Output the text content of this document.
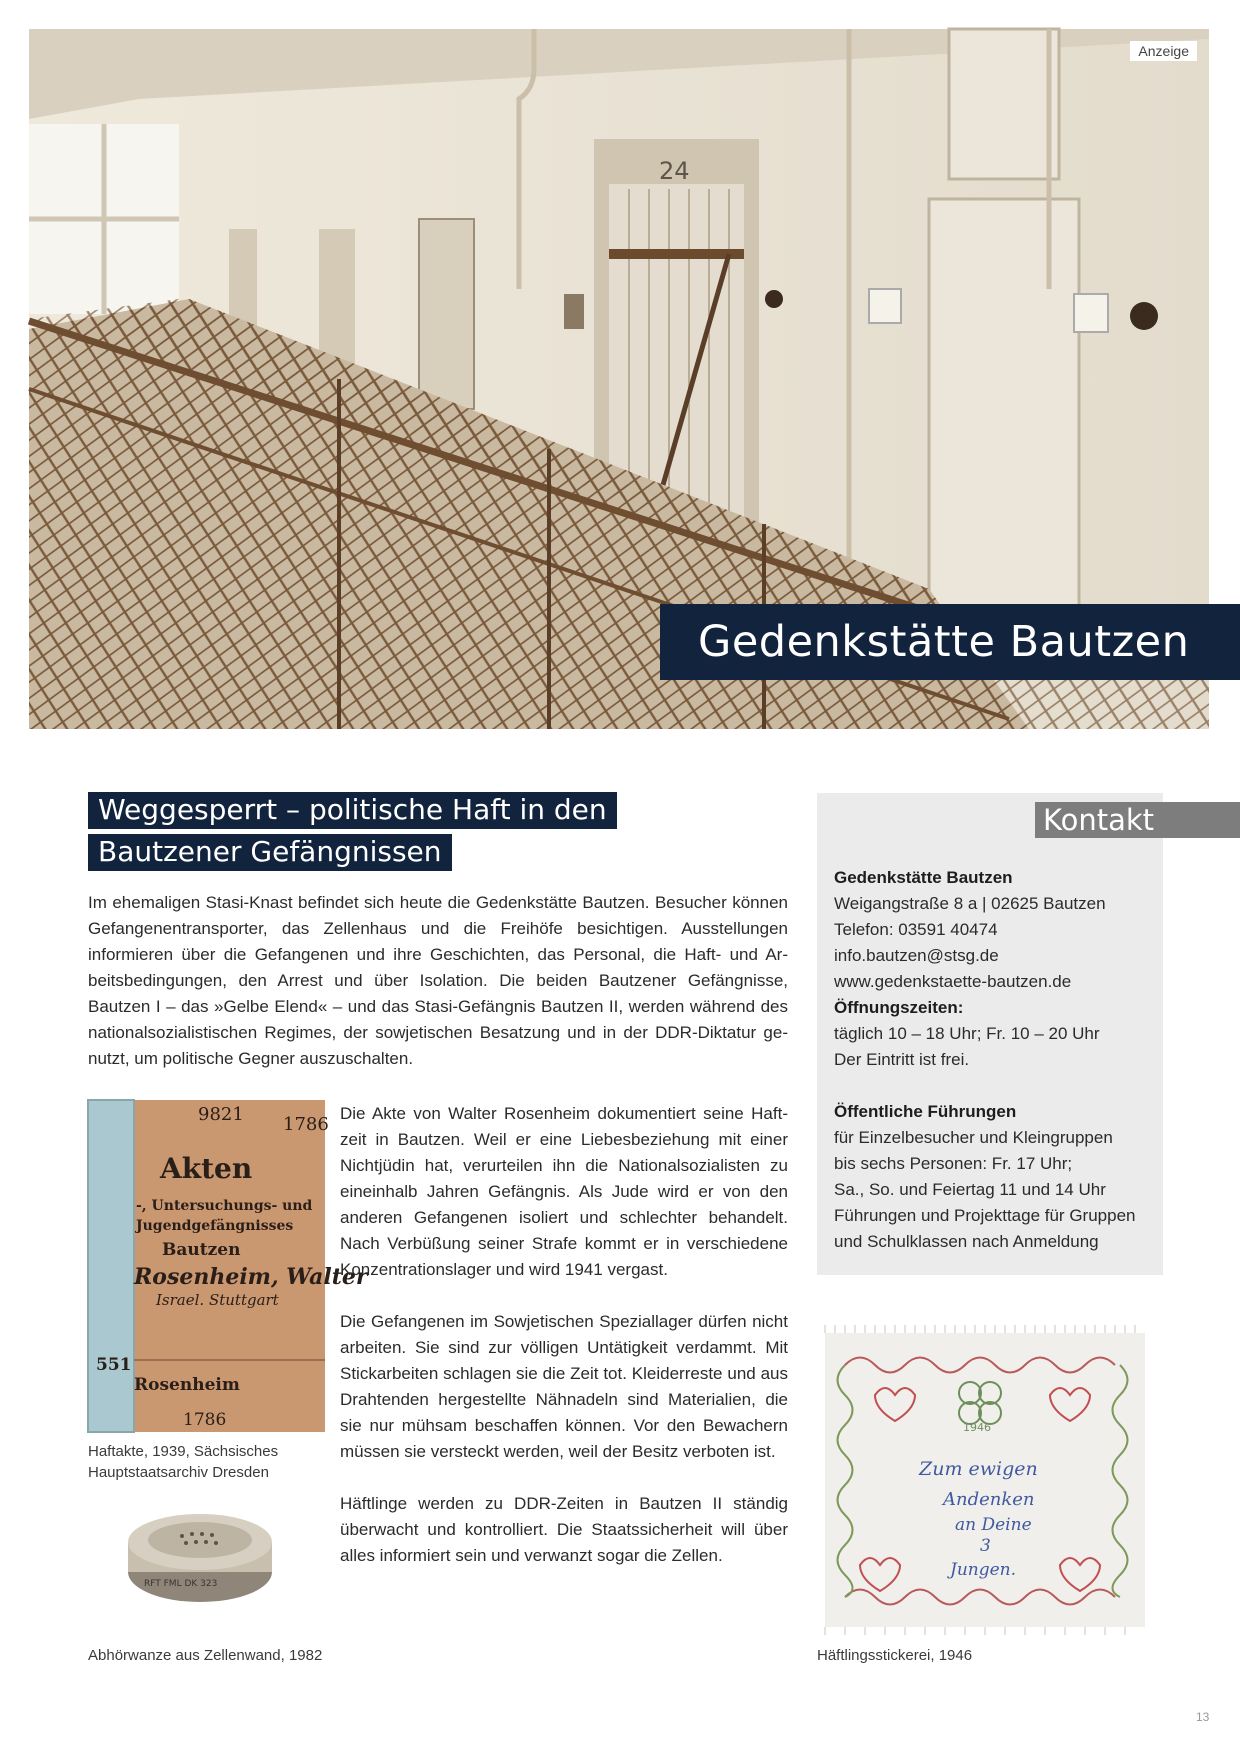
24
Anzeige
Gedenkstätte Bautzen
Weggesperrt – politische Haft in den
Bautzener Gefängnissen

Im ehemaligen Stasi-Knast befindet sich heute die Gedenkstätte Bautzen. Besucher können Gefangenentransporter, das Zellenhaus und die Freihöfe besichtigen. Ausstellungen informieren über die Gefangenen und ihre Geschichten, das Personal, die Haft- und Arbeitsbedingungen, den Arrest und über Isolation. Die beiden Bautzener Gefängnisse, Bautzen I – das »Gelbe Elend« – und das Stasi-Gefängnis Bautzen II, werden während des nationalsozialistischen Regimes, der sowjetischen Besatzung und in der DDR-Diktatur genutzt, um politische Gegner auszuschalten.

9821 1786
Akten
-, Untersuchungs- und
Jugendgefängnisses
Bautzen
Rosenheim, Walter
Israel. Stuttgart
551
Rosenheim
1786
Haftakte, 1939, Sächsisches
Hauptstaatsarchiv Dresden
RFT FML DK 323
Abhörwanze aus Zellenwand, 1982

Die Akte von Walter Rosenheim dokumentiert seine Haftzeit in Bautzen. Weil er eine Liebesbeziehung mit einer Nichtjüdin hat, verurteilen ihn die Nationalsozialisten zu eineinhalb Jahren Gefängnis. Als Jude wird er von den anderen Gefangenen isoliert und schlechter behandelt. Nach Verbüßung seiner Strafe kommt er in verschiedene Konzentrationslager und wird 1941 vergast.

Die Gefangenen im Sowjetischen Speziallager dürfen nicht arbeiten. Sie sind zur völligen Untätigkeit verdammt. Mit Stickarbeiten schlagen sie die Zeit tot. Kleiderreste und aus Drahtenden hergestellte Nähnadeln sind Materialien, die sie nur mühsam beschaffen können. Vor den Bewachern müssen sie versteckt werden, weil der Besitz verboten ist.

Häftlinge werden zu DDR-Zeiten in Bautzen II ständig überwacht und kontrolliert. Die Staatssicherheit will über alles informiert sein und verwanzt sogar die Zellen.

Kontakt
Gedenkstätte Bautzen
Weigangstraße 8 a | 02625 Bautzen
Telefon: 03591 40474
info.bautzen@stsg.de
www.gedenkstaette-bautzen.de
Öffnungszeiten:
täglich 10 – 18 Uhr; Fr. 10 – 20 Uhr
Der Eintritt ist frei.
Öffentliche Führungen
für Einzelbesucher und Kleingruppen
bis sechs Personen: Fr. 17 Uhr;
Sa., So. und Feiertag 11 und 14 Uhr
Führungen und Projekttage für Gruppen
und Schulklassen nach Anmeldung
1946
Zum ewigen
Andenken
an Deine
3
Jungen.
Häftlingsstickerei, 1946
13
